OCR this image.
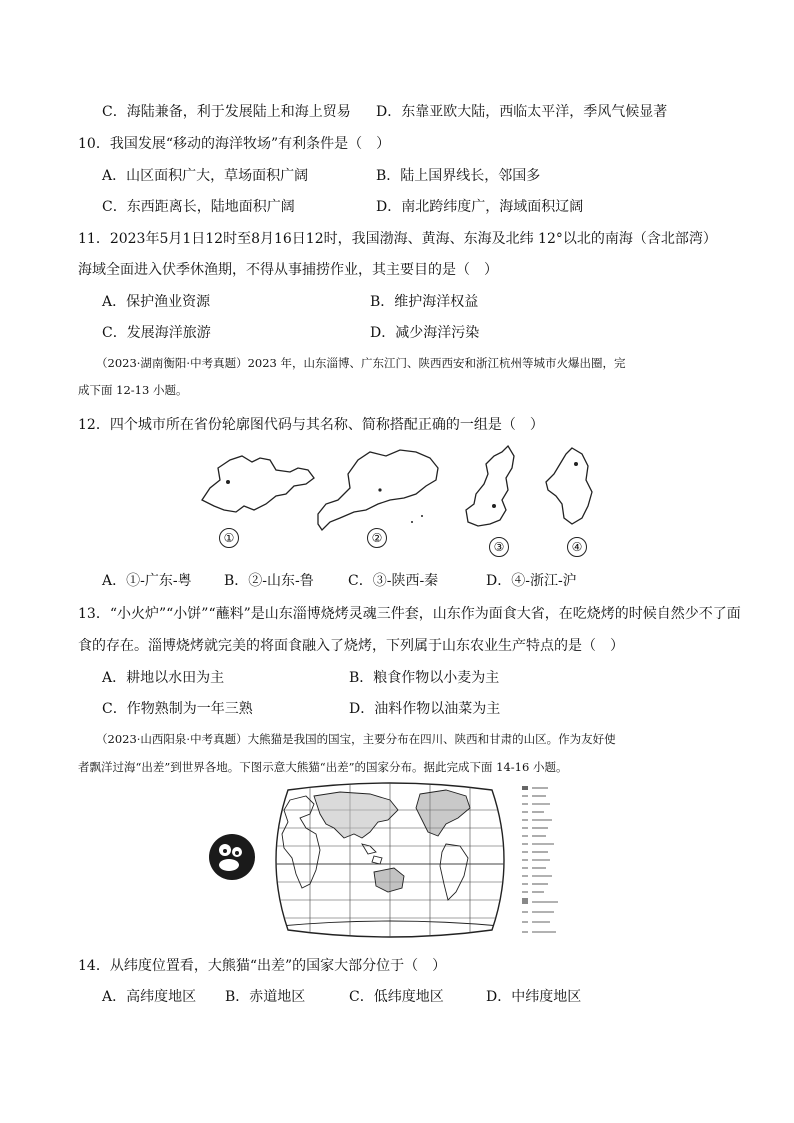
C．海陆兼备，利于发展陆上和海上贸易 D．东靠亚欧大陆，西临太平洋，季风气候显著
10．我国发展“移动的海洋牧场”有利条件是（　）
A．山区面积广大，草场面积广阔	B．陆上国界线长，邻国多
C．东西距离长，陆地面积广阔	D．南北跨纬度广，海域面积辽阔
11．2023年5月1日12时至8月16日12时，我国渤海、黄海、东海及北纬 12°以北的南海（含北部湾）
海域全面进入伏季休渔期，不得从事捕捞作业，其主要目的是（　）
A．保护渔业资源	B．维护海洋权益
C．发展海洋旅游	D．减少海洋污染
（2023·湖南衡阳·中考真题）2023 年，山东淄博、广东江门、陕西西安和浙江杭州等城市火爆出圈，完
成下面 12-13 小题。
12．四个城市所在省份轮廓图代码与其名称、简称搭配正确的一组是（　）
①	②
③	④
A．①-广东-粤 B．②-山东-鲁 C．③-陕西-秦	D．④-浙江-沪
13．“小火炉”“小饼”“蘸料”是山东淄博烧烤灵魂三件套，山东作为面食大省，在吃烧烤的时候自然少不了面
食的存在。淄博烧烤就完美的将面食融入了烧烤，下列属于山东农业生产特点的是（　）
A．耕地以水田为主	B．粮食作物以小麦为主
C．作物熟制为一年三熟	D．油料作物以油菜为主
（2023·山西阳泉·中考真题）大熊猫是我国的国宝，主要分布在四川、陕西和甘肃的山区。作为友好使
者飘洋过海“出差”到世界各地。下图示意大熊猫“出差”的国家分布。据此完成下面 14-16 小题。
14．从纬度位置看，大熊猫“出差”的国家大部分位于（　）
A．高纬度地区 B．赤道地区	C．低纬度地区	D．中纬度地区
